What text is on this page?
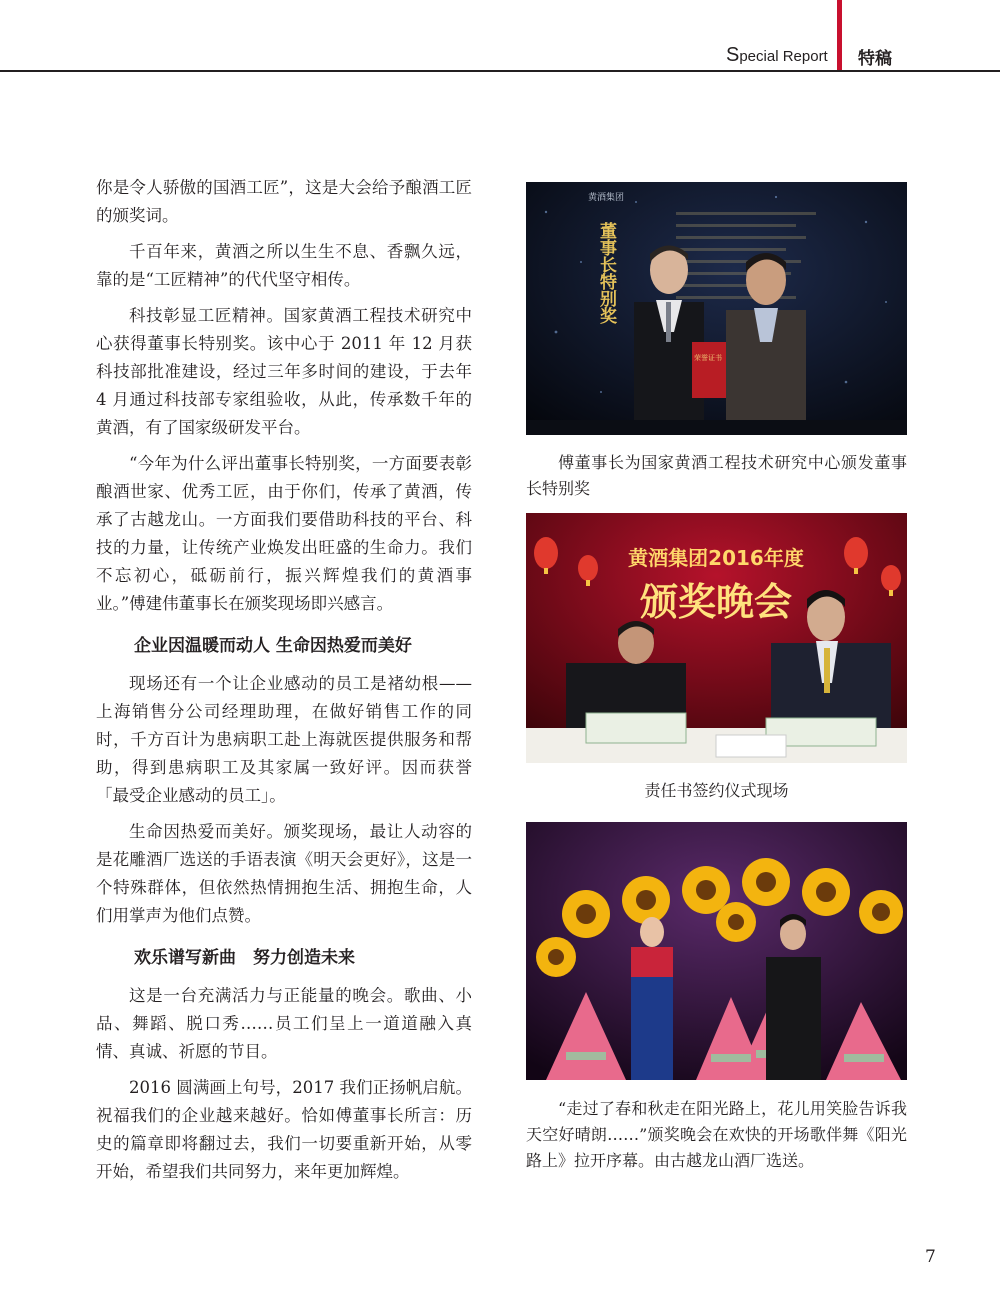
Special Report 特稿

你是令人骄傲的国酒工匠”，这是大会给予酿酒工匠的颁奖词。

千百年来，黄酒之所以生生不息、香飘久远，靠的是“工匠精神”的代代坚守相传。

科技彰显工匠精神。国家黄酒工程技术研究中心获得董事长特别奖。该中心于 2011 年 12 月获科技部批准建设，经过三年多时间的建设，于去年 4 月通过科技部专家组验收，从此，传承数千年的黄酒，有了国家级研发平台。

“今年为什么评出董事长特别奖，一方面要表彰酿酒世家、优秀工匠，由于你们，传承了黄酒，传承了古越龙山。一方面我们要借助科技的平台、科技的力量，让传统产业焕发出旺盛的生命力。我们不忘初心，砥砺前行，振兴辉煌我们的黄酒事业。”傅建伟董事长在颁奖现场即兴感言。

企业因温暖而动人 生命因热爱而美好

现场还有一个让企业感动的员工是褚幼根——上海销售分公司经理助理，在做好销售工作的同时，千方百计为患病职工赴上海就医提供服务和帮助，得到患病职工及其家属一致好评。因而获誉「最受企业感动的员工」。

生命因热爱而美好。颁奖现场，最让人动容的是花雕酒厂选送的手语表演《明天会更好》，这是一个特殊群体，但依然热情拥抱生活、拥抱生命，人们用掌声为他们点赞。

欢乐谱写新曲　努力创造未来

这是一台充满活力与正能量的晚会。歌曲、小品、舞蹈、脱口秀……员工们呈上一道道融入真情、真诚、祈愿的节目。

2016 圆满画上句号，2017 我们正扬帆启航。祝福我们的企业越来越好。恰如傅董事长所言：历史的篇章即将翻过去，我们一切要重新开始，从零开始，希望我们共同努力，来年更加辉煌。

黄酒集团
董事长特别奖
荣誉证书
傅董事长为国家黄酒工程技术研究中心颁发董事长特别奖
黄酒集团2016年度
颁奖晚会
责任书签约仪式现场
“走过了春和秋走在阳光路上，花儿用笑脸告诉我天空好晴朗……”颁奖晚会在欢快的开场歌伴舞《阳光路上》拉开序幕。由古越龙山酒厂选送。
7
